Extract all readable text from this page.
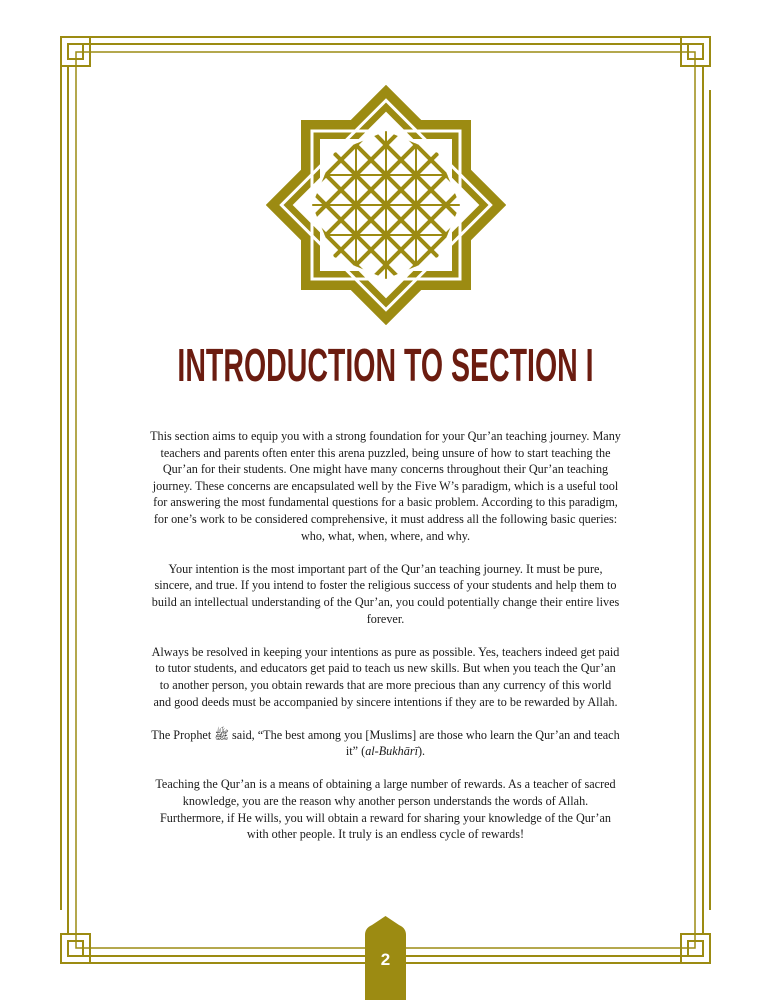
INTRODUCTION TO SECTION I

This section aims to equip you with a strong foundation for your Qur’an teaching journey. Many teachers and parents often enter this arena puzzled, being unsure of how to start teaching the Qur’an for their students. One might have many concerns throughout their Qur’an teaching journey. These concerns are encapsulated well by the Five W’s paradigm, which is a useful tool for answering the most fundamental questions for a basic problem. According to this paradigm, for one’s work to be considered comprehensive, it must address all the following basic queries: who, what, when, where, and why.

Your intention is the most important part of the Qur’an teaching journey. It must be pure, sincere, and true. If you intend to foster the religious success of your students and help them to build an intellectual understanding of the Qur’an, you could potentially change their entire lives forever.

Always be resolved in keeping your intentions as pure as possible. Yes, teachers indeed get paid to tutor students, and educators get paid to teach us new skills. But when you teach the Qur’an to another person, you obtain rewards that are more precious than any currency of this world and good deeds must be accompanied by sincere intentions if they are to be rewarded by Allah.

The Prophet ﷺ said, “The best among you [Muslims] are those who learn the Qur’an and teach it” (al-Bukhārī).

Teaching the Qur’an is a means of obtaining a large number of rewards. As a teacher of sacred knowledge, you are the reason why another person understands the words of Allah. Furthermore, if He wills, you will obtain a reward for sharing your knowledge of the Qur’an with other people. It truly is an endless cycle of rewards!

2
